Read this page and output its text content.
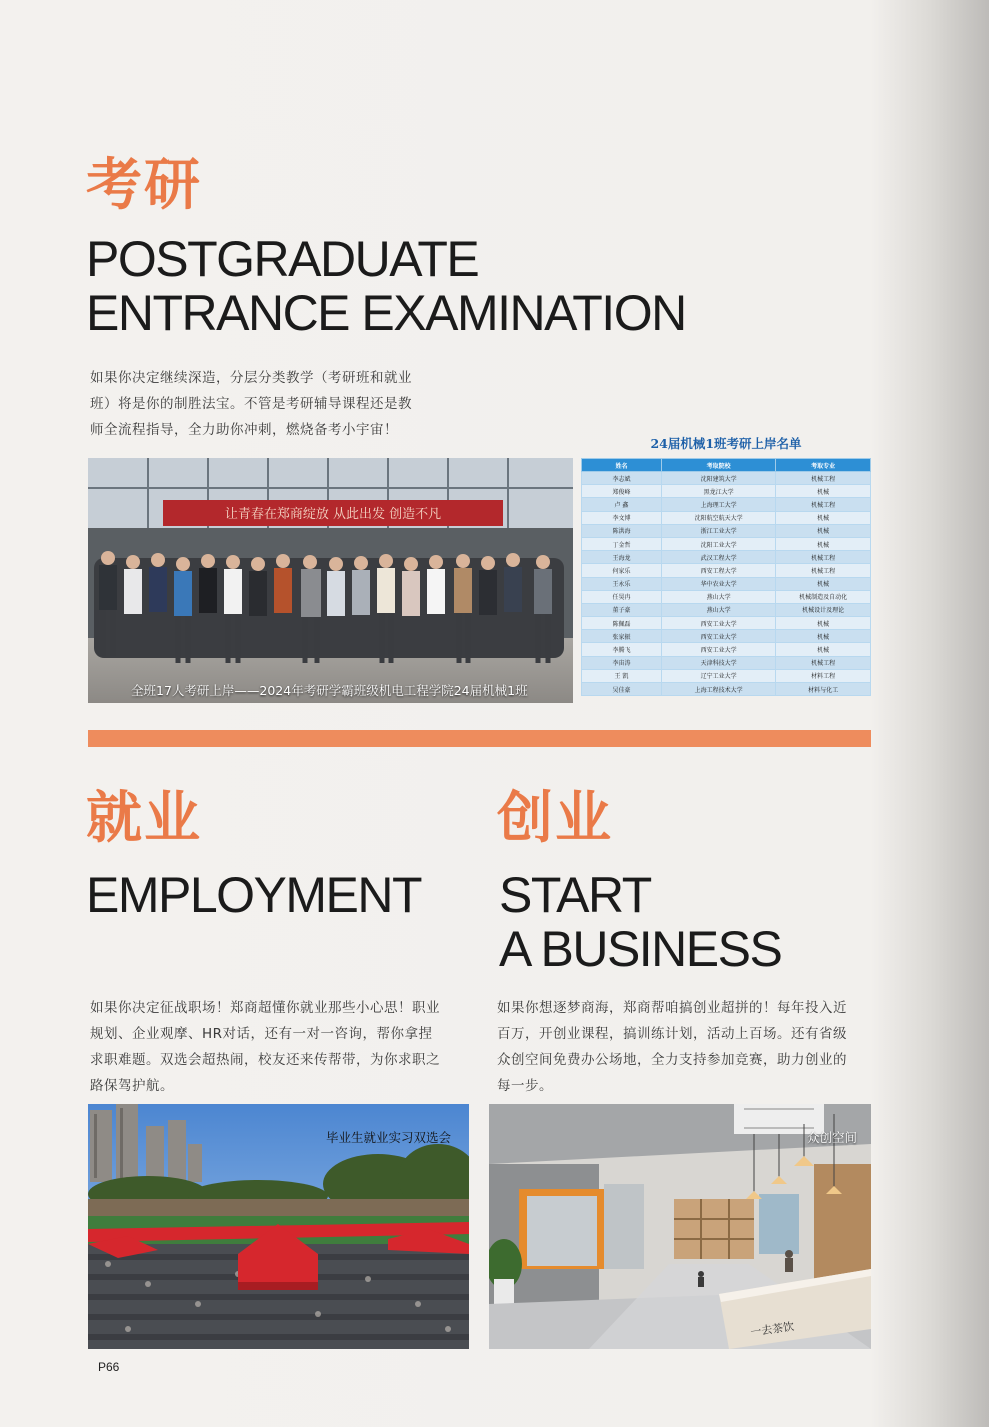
考研
POSTGRADUATE
ENTRANCE EXAMINATION
如果你决定继续深造，分层分类教学（考研班和就业
班）将是你的制胜法宝。不管是考研辅导课程还是教
师全流程指导，全力助你冲刺，燃烧备考小宇宙！
让青春在郑商绽放 从此出发 创造不凡
全班17人考研上岸——2024年考研学霸班级机电工程学院24届机械1班
24届机械1班考研上岸名单
姓名	考取院校	考取专业
李志斌	沈阳建筑大学	机械工程
郑俊峰	黑龙江大学	机械
卢 鑫	上海理工大学	机械工程
李文博	沈阳航空航天大学	机械
陈洪海	浙江工业大学	机械
丁金哲	沈阳工业大学	机械
王海龙	武汉工程大学	机械工程
何家乐	西安工程大学	机械工程
王永乐	华中农业大学	机械
任昊冉	燕山大学	机械制造及自动化
董子豪	燕山大学	机械设计及理论
陈佩磊	西安工业大学	机械
张家振	西安工业大学	机械
李腾飞	西安工业大学	机械
李宙涛	天津科技大学	机械工程
王 凯	辽宁工业大学	材料工程
吴佳豪	上海工程技术大学	材料与化工
就业
EMPLOYMENT
如果你决定征战职场！郑商超懂你就业那些小心思！职业
规划、企业观摩、HR对话，还有一对一咨询，帮你拿捏
求职难题。双选会超热闹，校友还来传帮带，为你求职之
路保驾护航。
毕业生就业实习双选会
创业
START
A BUSINESS
如果你想逐梦商海，郑商帮咱搞创业超拼的！每年投入近
百万，开创业课程，搞训练计划，活动上百场。还有省级
众创空间免费办公场地，全力支持参加竞赛，助力创业的
每一步。
一去茶饮
众创空间
P66
